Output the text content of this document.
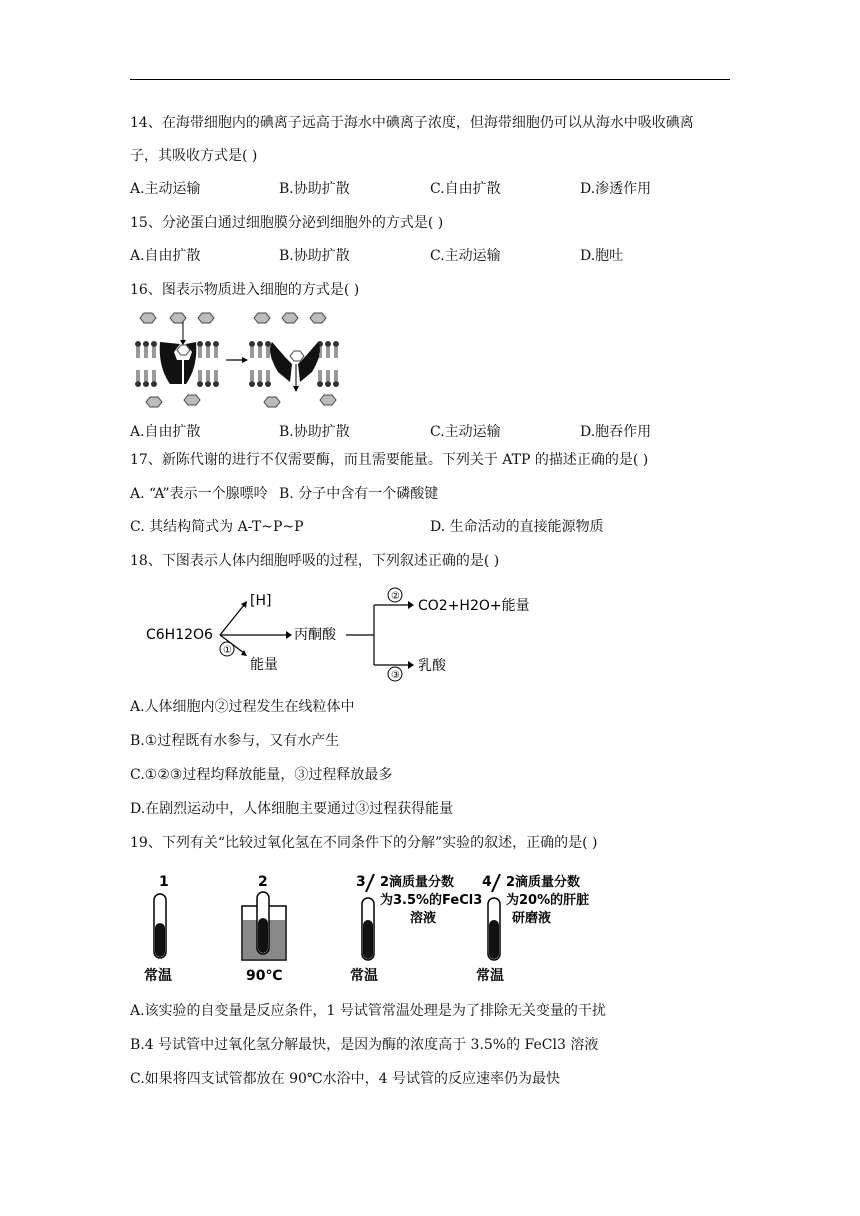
14、在海带细胞内的碘离子远高于海水中碘离子浓度，但海带细胞仍可以从海水中吸收碘离
子，其吸收方式是( )
A.主动运输	B.协助扩散	C.自由扩散	D.渗透作用
15、分泌蛋白通过细胞膜分泌到细胞外的方式是( )
A.自由扩散	B.协助扩散	C.主动运输	D.胞吐
16、图表示物质进入细胞的方式是( )
A.自由扩散	B.协助扩散	C.主动运输	D.胞吞作用
17、新陈代谢的进行不仅需要酶，而且需要能量。下列关于 ATP 的描述正确的是( )
A. “A”表示一个腺嘌呤 B. 分子中含有一个磷酸键
C. 其结构简式为 A-T~P~P	D. 生命活动的直接能源物质
18、下图表示人体内细胞呼吸的过程，下列叙述正确的是( )
C6H12O6
[H]
①
能量
丙酮酸
②
③
CO2+H2O+能量
乳酸
A.人体细胞内②过程发生在线粒体中
B.①过程既有水参与，又有水产生
C.①②③过程均释放能量，③过程释放最多
D.在剧烈运动中，人体细胞主要通过③过程获得能量
19、下列有关“比较过氧化氢在不同条件下的分解”实验的叙述，正确的是( )
1
常温
2
90℃
3 2滴质量分数
为3.5%的FeCl3
溶液
常温
4 2滴质量分数
为20%的肝脏
研磨液
常温
A.该实验的自变量是反应条件，1 号试管常温处理是为了排除无关变量的干扰
B.4 号试管中过氧化氢分解最快，是因为酶的浓度高于 3.5%的 FeCl3 溶液
C.如果将四支试管都放在 90℃水浴中，4 号试管的反应速率仍为最快
